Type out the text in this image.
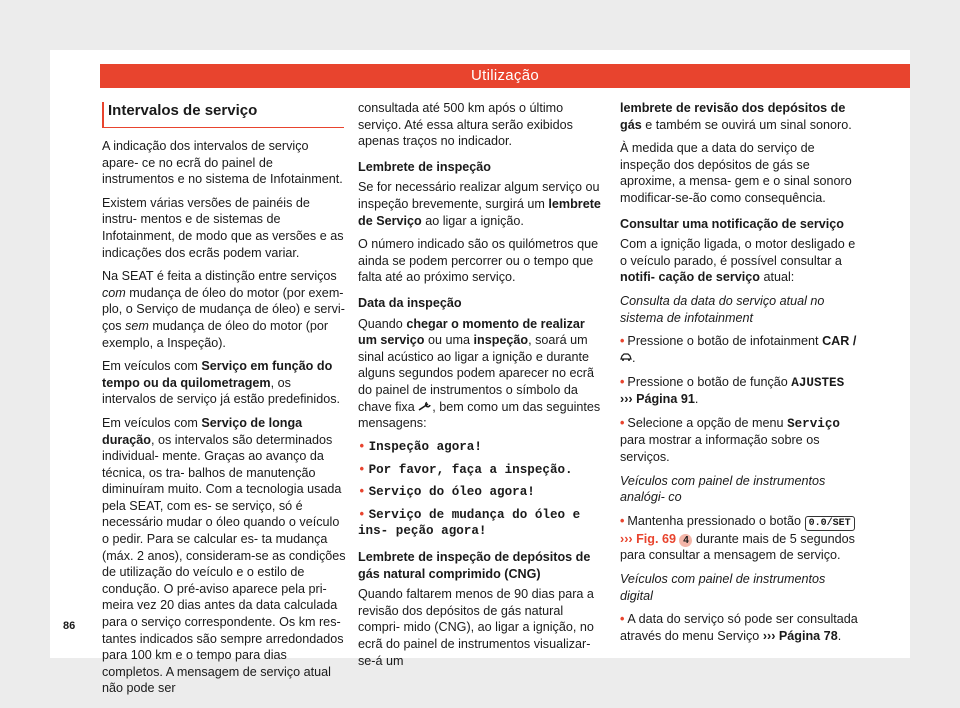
Utilização
Intervalos de serviço

A indicação dos intervalos de serviço apare- ce no ecrã do painel de instrumentos e no sistema de Infotainment.

Existem várias versões de painéis de instru- mentos e de sistemas de Infotainment, de modo que as versões e as indicações dos ecrãs podem variar.

Na SEAT é feita a distinção entre serviços com mudança de óleo do motor (por exem- plo, o Serviço de mudança de óleo) e servi- ços sem mudança de óleo do motor (por exemplo, a Inspeção).

Em veículos com Serviço em função do tempo ou da quilometragem, os intervalos de serviço já estão predefinidos.

Em veículos com Serviço de longa duração, os intervalos são determinados individual- mente. Graças ao avanço da técnica, os tra- balhos de manutenção diminuíram muito. Com a tecnologia usada pela SEAT, com es- se serviço, só é necessário mudar o óleo quando o veículo o pedir. Para se calcular es- ta mudança (máx. 2 anos), consideram-se as condições de utilização do veículo e o estilo de condução. O pré-aviso aparece pela pri- meira vez 20 dias antes da data calculada para o serviço correspondente. Os km res- tantes indicados são sempre arredondados para 100 km e o tempo para dias completos. A mensagem de serviço atual não pode ser

consultada até 500 km após o último serviço. Até essa altura serão exibidos apenas traços no indicador.

Lembrete de inspeção

Se for necessário realizar algum serviço ou inspeção brevemente, surgirá um lembrete de Serviço ao ligar a ignição.

O número indicado são os quilómetros que ainda se podem percorrer ou o tempo que falta até ao próximo serviço.

Data da inspeção

Quando chegar o momento de realizar um serviço ou uma inspeção, soará um sinal acústico ao ligar a ignição e durante alguns segundos podem aparecer no ecrã do painel de instrumentos o símbolo da chave fixa , bem como um das seguintes mensagens:

• Inspeção agora!
• Por favor, faça a inspeção.
• Serviço do óleo agora!
• Serviço de mudança do óleo e ins- peção agora!
Lembrete de inspeção de depósitos de gás natural comprimido (CNG)

Quando faltarem menos de 90 dias para a revisão dos depósitos de gás natural compri- mido (CNG), ao ligar a ignição, no ecrã do painel de instrumentos visualizar-se-á um

lembrete de revisão dos depósitos de gás e também se ouvirá um sinal sonoro.

À medida que a data do serviço de inspeção dos depósitos de gás se aproxime, a mensa- gem e o sinal sonoro modificar-se-ão como consequência.

Consultar uma notificação de serviço

Com a ignição ligada, o motor desligado e o veículo parado, é possível consultar a notifi- cação de serviço atual:

Consulta da data do serviço atual no sistema de infotainment

• Pressione o botão de infotainment CAR / .

• Pressione o botão de função AJUSTES
››› Página 91.

• Selecione a opção de menu Serviço para mostrar a informação sobre os serviços.

Veículos com painel de instrumentos analógi- co

• Mantenha pressionado o botão 0.0/SET
››› Fig. 69 4 durante mais de 5 segundos para consultar a mensagem de serviço.

Veículos com painel de instrumentos digital

• A data do serviço só pode ser consultada através do menu Serviço ››› Página 78.

86
